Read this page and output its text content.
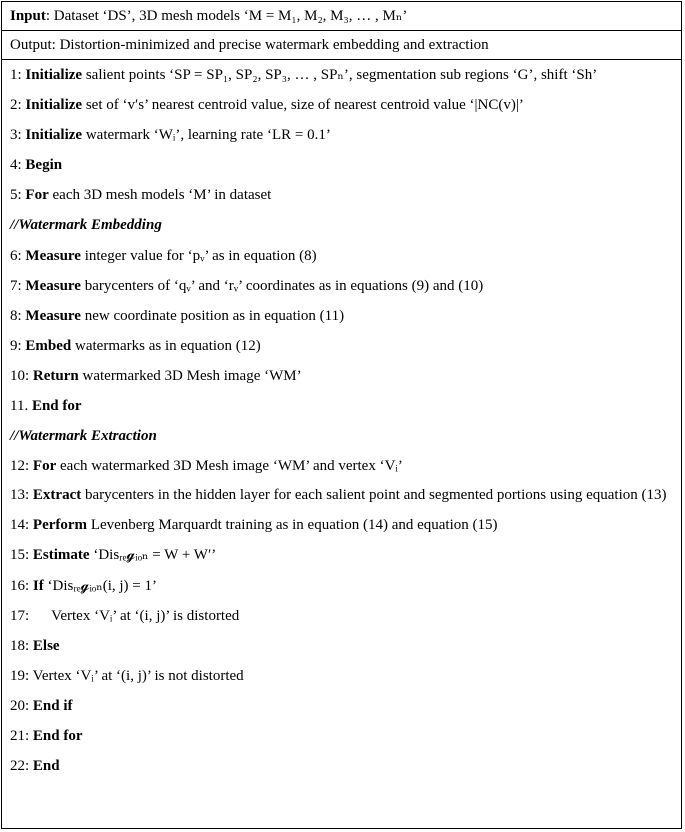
Input: Dataset ‘DS’, 3D mesh models ‘M = M₁, M₂, M₃, … , Mₙ’
Output: Distortion-minimized and precise watermark embedding and extraction
1: Initialize salient points ‘SP = SP₁, SP₂, SP₃, … , SPₙ’, segmentation sub regions ‘G’, shift ‘Sh’
2: Initialize set of ‘v′s’ nearest centroid value, size of nearest centroid value ‘|NC(v)|’
3: Initialize watermark ‘Wᵢ’, learning rate ‘LR = 0.1’
4: Begin
5: For each 3D mesh models ‘M’ in dataset
//Watermark Embedding
6: Measure integer value for ‘pᵥ’ as in equation (8)
7: Measure barycenters of ‘qᵥ’ and ‘rᵥ’ coordinates as in equations (9) and (10)
8: Measure new coordinate position as in equation (11)
9: Embed watermarks as in equation (12)
10: Return watermarked 3D Mesh image ‘WM’
11. End for
//Watermark Extraction
12: For each watermarked 3D Mesh image ‘WM’ and vertex ‘Vᵢ’
13: Extract barycenters in the hidden layer for each salient point and segmented portions using equation (13)
14: Perform Levenberg Marquardt training as in equation (14) and equation (15)
15: Estimate ‘Disᵣₑ𝓰ᵢₒₙ = W + W′’
16: If ‘Disᵣₑ𝓰ᵢₒₙ(i, j) = 1’
17: Vertex ‘Vᵢ’ at ‘(i, j)’ is distorted
18: Else
19: Vertex ‘Vᵢ’ at ‘(i, j)’ is not distorted
20: End if
21: End for
22: End
